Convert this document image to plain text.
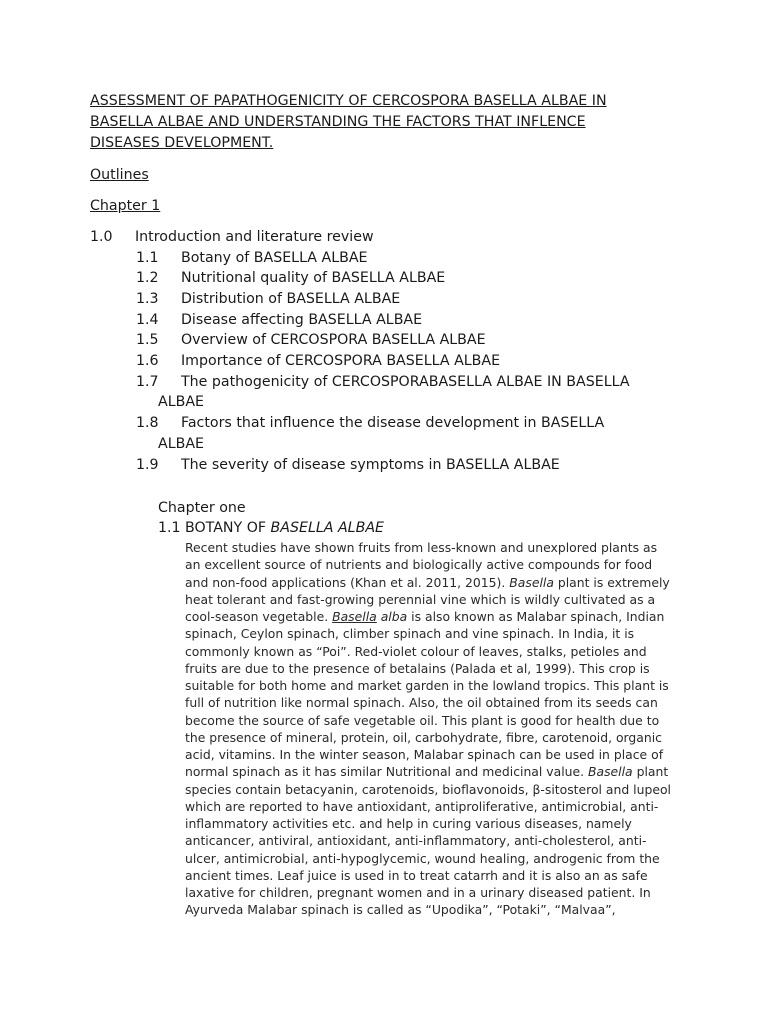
ASSESSMENT OF PAPATHOGENICITY OF CERCOSPORA BASELLA ALBAE IN
BASELLA ALBAE AND UNDERSTANDING THE FACTORS THAT INFLENCE
DISEASES DEVELOPMENT.
Outlines
Chapter 1
1.0 Introduction and literature review
1.1 Botany of BASELLA ALBAE
1.2 Nutritional quality of BASELLA ALBAE
1.3 Distribution of BASELLA ALBAE
1.4 Disease affecting BASELLA ALBAE
1.5 Overview of CERCOSPORA BASELLA ALBAE
1.6 Importance of CERCOSPORA BASELLA ALBAE
1.7 The pathogenicity of CERCOSPORABASELLA ALBAE IN BASELLA
ALBAE
1.8 Factors that influence the disease development in BASELLA
ALBAE
1.9 The severity of disease symptoms in BASELLA ALBAE
Chapter one
1.1 BOTANY OF BASELLA ALBAE
Recent studies have shown fruits from less-known and unexplored plants as
an excellent source of nutrients and biologically active compounds for food
and non-food applications (Khan et al. 2011, 2015). Basella plant is extremely
heat tolerant and fast-growing perennial vine which is wildly cultivated as a
cool-season vegetable. Basella alba is also known as Malabar spinach, Indian
spinach, Ceylon spinach, climber spinach and vine spinach. In India, it is
commonly known as “Poi”. Red-violet colour of leaves, stalks, petioles and
fruits are due to the presence of betalains (Palada et al, 1999). This crop is
suitable for both home and market garden in the lowland tropics. This plant is
full of nutrition like normal spinach. Also, the oil obtained from its seeds can
become the source of safe vegetable oil. This plant is good for health due to
the presence of mineral, protein, oil, carbohydrate, fibre, carotenoid, organic
acid, vitamins. In the winter season, Malabar spinach can be used in place of
normal spinach as it has similar Nutritional and medicinal value. Basella plant
species contain betacyanin, carotenoids, bioflavonoids, β-sitosterol and lupeol
which are reported to have antioxidant, antiproliferative, antimicrobial, anti-
inflammatory activities etc. and help in curing various diseases, namely
anticancer, antiviral, antioxidant, anti-inflammatory, anti-cholesterol, anti-
ulcer, antimicrobial, anti-hypoglycemic, wound healing, androgenic from the
ancient times. Leaf juice is used in to treat catarrh and it is also an as safe
laxative for children, pregnant women and in a urinary diseased patient. In
Ayurveda Malabar spinach is called as “Upodika”, “Potaki”, “Malvaa”,
